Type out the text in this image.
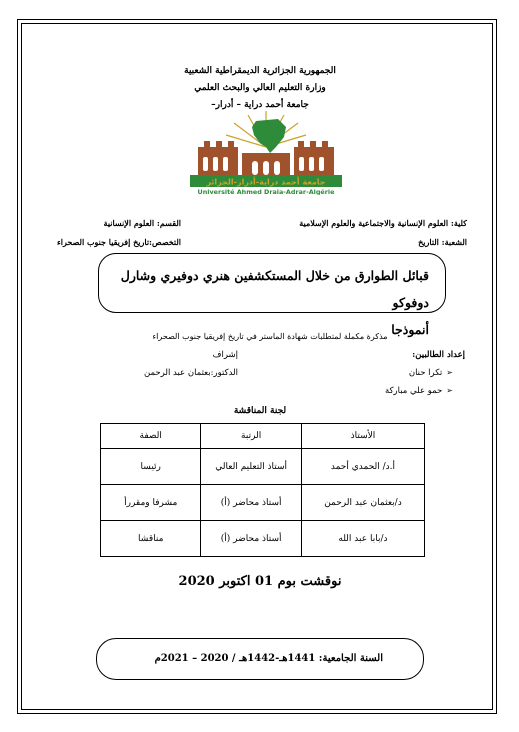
الجمهورية الجزائرية الديمقراطية الشعبية
وزارة التعليم العالي والبحث العلمي
جامعة أحمد دراية – أدرار–
جامعة أحمد دراية-أدرار-الجزائر
Université Ahmed Draia-Adrar-Algérie
كلية: العلوم الإنسانية والاجتماعية والعلوم الإسلامية
القسم: العلوم الإنسانية
الشعبة: التاريخ
التخصص:تاريخ إفريقيا جنوب الصحراء
قبائل الطوارق من خلال المستكشفين هنري دوفيري وشارل دوفوكو
أنموذجا
مذكرة مكملة لمتطلبات شهادة الماستر في تاريخ إفريقيا جنوب الصحراء
إعداد الطالبين:
إشراف
➢تكرا حنان
الدكتور:بعثمان عبد الرحمن
➢حمو علي مباركة
لجنة المناقشة
الأستاذ	الرتبة	الصفة
أ.د/ الحمدي أحمد	أستاذ التعليم العالي	رئيسا
د/بعثمان عبد الرحمن	أستاذ محاضر (أ)	مشرفا ومقررأ
د/بابا عبد الله	أستاذ محاضر (أ)	مناقشا
نوقشت بوم 01 اكتوبر 2020
السنة الجامعية: 1441هـ-1442هـ / 2020 – 2021م
